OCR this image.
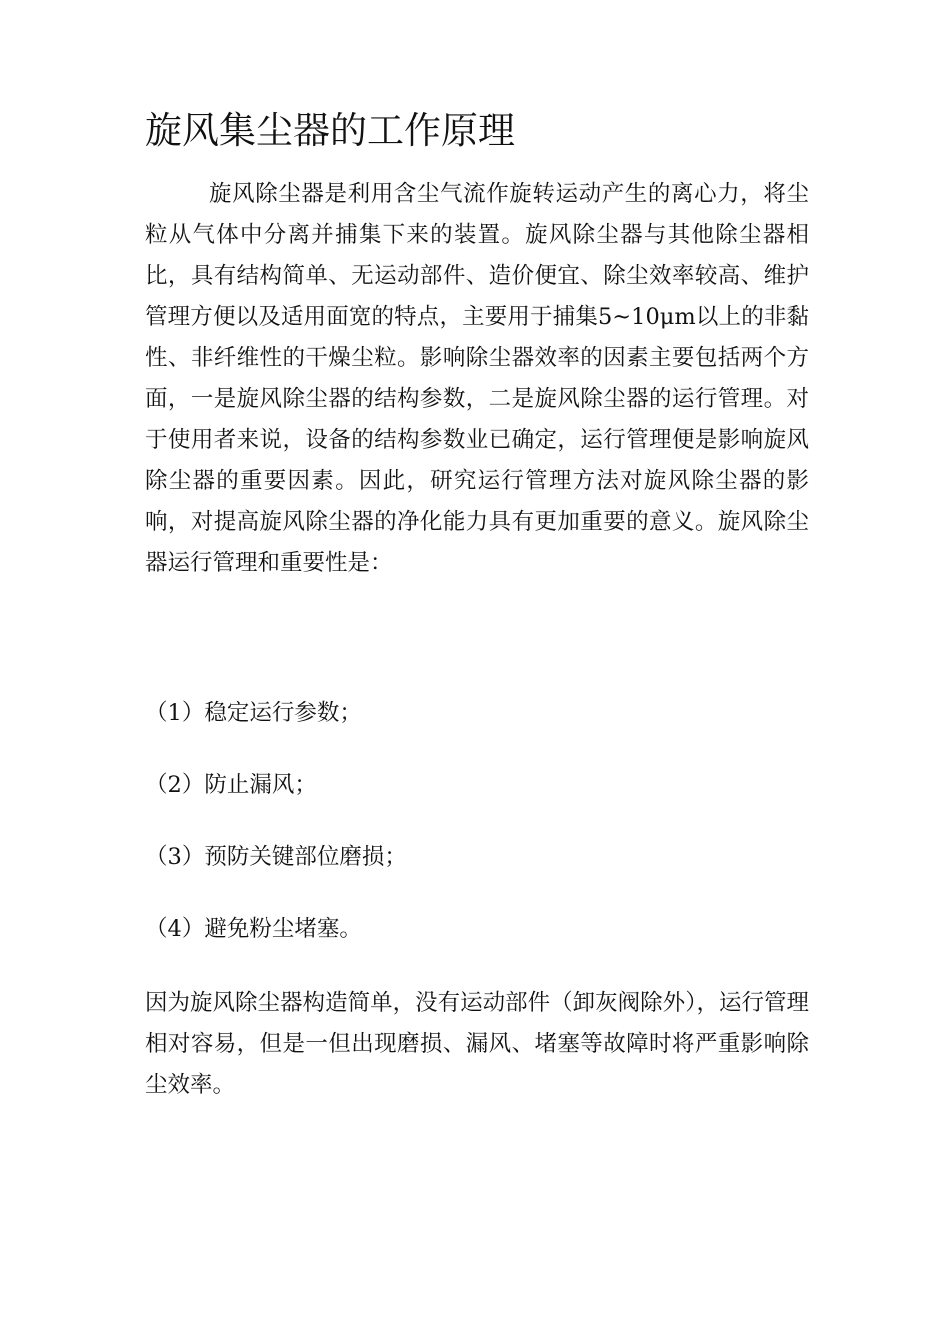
旋风集尘器的工作原理

旋风除尘器是利用含尘气流作旋转运动产生的离心力，将尘粒从气体中分离并捕集下来的装置。旋风除尘器与其他除尘器相比，具有结构简单、无运动部件、造价便宜、除尘效率较高、维护管理方便以及适用面宽的特点，主要用于捕集5~10μm以上的非黏性、非纤维性的干燥尘粒。影响除尘器效率的因素主要包括两个方面，一是旋风除尘器的结构参数，二是旋风除尘器的运行管理。对于使用者来说，设备的结构参数业已确定，运行管理便是影响旋风除尘器的重要因素。因此，研究运行管理方法对旋风除尘器的影响，对提高旋风除尘器的净化能力具有更加重要的意义。旋风除尘器运行管理和重要性是：

（1）稳定运行参数；

（2）防止漏风；

（3）预防关键部位磨损；

（4）避免粉尘堵塞。

因为旋风除尘器构造简单，没有运动部件（卸灰阀除外），运行管理相对容易，但是一但出现磨损、漏风、堵塞等故障时将严重影响除尘效率。
